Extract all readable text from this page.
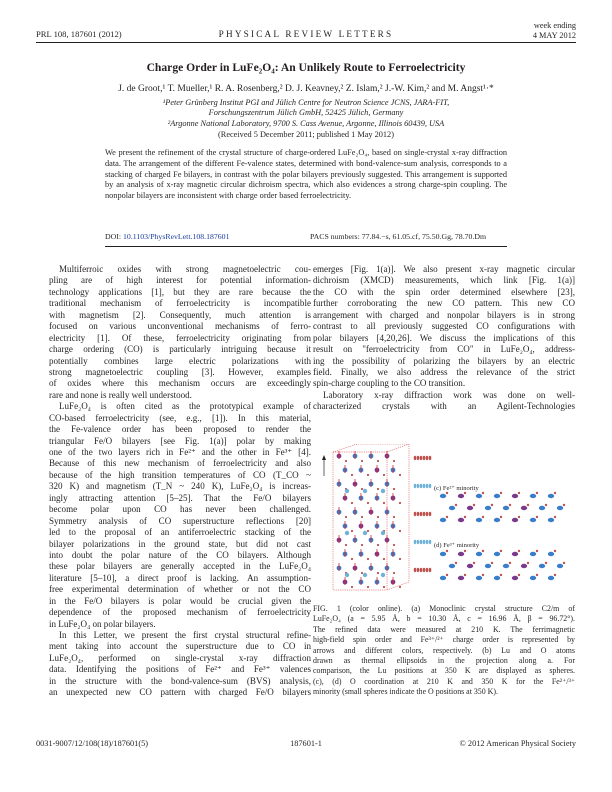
PRL 108, 187601 (2012)	PHYSICAL REVIEW LETTERS
week ending
4 MAY 2012
Charge Order in LuFe₂O₄: An Unlikely Route to Ferroelectricity
J. de Groot,¹ T. Mueller,¹ R. A. Rosenberg,² D. J. Keavney,² Z. Islam,² J.-W. Kim,² and M. Angst¹·*
¹Peter Grünberg Institut PGI and Jülich Centre for Neutron Science JCNS, JARA-FIT,
Forschungszentrum Jülich GmbH, 52425 Jülich, Germany
²Argonne National Laboratory, 9700 S. Cass Avenue, Argonne, Illinois 60439, USA
(Received 5 December 2011; published 1 May 2012)
We present the refinement of the crystal structure of charge-ordered LuFe₂O₄, based on single-crystal x-ray diffraction data. The arrangement of the different Fe-valence states, determined with bond-valence-sum analysis, corresponds to a stacking of charged Fe bilayers, in contrast with the polar bilayers previously suggested. This arrangement is supported by an analysis of x-ray magnetic circular dichroism spectra, which also evidences a strong charge-spin coupling. The nonpolar bilayers are inconsistent with charge order based ferroelectricity.
DOI: 10.1103/PhysRevLett.108.187601	PACS numbers: 77.84.−s, 61.05.cf, 75.50.Gg, 78.70.Dm
Multiferroic oxides with strong magnetoelectric cou-
pling are of high interest for potential information-
technology applications [1], but they are rare because the
traditional mechanism of ferroelectricity is incompatible
with magnetism [2]. Consequently, much attention is
focused on various unconventional mechanisms of ferro-
electricity [1]. Of these, ferroelectricity originating from
charge ordering (CO) is particularly intriguing because it
potentially combines large electric polarizations with
strong magnetoelectric coupling [3]. However, examples
of oxides where this mechanism occurs are exceedingly
rare and none is really well understood.
LuFe₂O₄ is often cited as the prototypical example of
CO-based ferroelectricity (see, e.g., [1]). In this material,
the Fe-valence order has been proposed to render the
triangular Fe/O bilayers [see Fig. 1(a)] polar by making
one of the two layers rich in Fe²⁺ and the other in Fe³⁺ [4].
Because of this new mechanism of ferroelectricity and also
because of the high transition temperatures of CO (T_CO ~
320 K) and magnetism (T_N ~ 240 K), LuFe₂O₄ is increas-
ingly attracting attention [5–25]. That the Fe/O bilayers
become polar upon CO has never been challenged.
Symmetry analysis of CO superstructure reflections [20]
led to the proposal of an antiferroelectric stacking of the
bilayer polarizations in the ground state, but did not cast
into doubt the polar nature of the CO bilayers. Although
these polar bilayers are generally accepted in the LuFe₂O₄
literature [5–10], a direct proof is lacking. An assumption-
free experimental determination of whether or not the CO
in the Fe/O bilayers is polar would be crucial given the
dependence of the proposed mechanism of ferroelectricity
in LuFe₂O₄ on polar bilayers.
In this Letter, we present the first crystal structural refine-
ment taking into account the superstructure due to CO in
LuFe₂O₄, performed on single-crystal x-ray diffraction
data. Identifying the positions of Fe²⁺ and Fe³⁺ valences
in the structure with the bond-valence-sum (BVS) analysis,
an unexpected new CO pattern with charged Fe/O bilayers
emerges [Fig. 1(a)]. We also present x-ray magnetic circular
dichroism (XMCD) measurements, which link [Fig. 1(a)]
the CO with the spin order determined elsewhere [23],
further corroborating the new CO pattern. This new CO
arrangement with charged and nonpolar bilayers is in strong
contrast to all previously suggested CO configurations with
polar bilayers [4,20,26]. We discuss the implications of this
result on "ferroelectricity from CO" in LuFe₂O₄, address-
ing the possibility of polarizing the bilayers by an electric
field. Finally, we also address the relevance of the strict
spin-charge coupling to the CO transition.
Laboratory x-ray diffraction work was done on well-
characterized crystals with an Agilent-Technologies
(c) Fe²⁺ minority
(d) Fe³⁺ minority
FIG. 1 (color online). (a) Monoclinic crystal structure C2/m of
LuFe₂O₄ (a = 5.95 Å, b = 10.30 Å, c = 16.96 Å, β = 96.72°).
The refined data were measured at 210 K. The ferrimagnetic
high-field spin order and Fe³⁺/²⁺ charge order is represented by
arrows and different colors, respectively. (b) Lu and O atoms
drawn as thermal ellipsoids in the projection along a. For
comparison, the Lu positions at 350 K are displayed as spheres.
(c), (d) O coordination at 210 K and 350 K for the Fe²⁺/³⁺
minority (small spheres indicate the O positions at 350 K).
0031-9007/12/108(18)/187601(5)	187601-1	© 2012 American Physical Society
